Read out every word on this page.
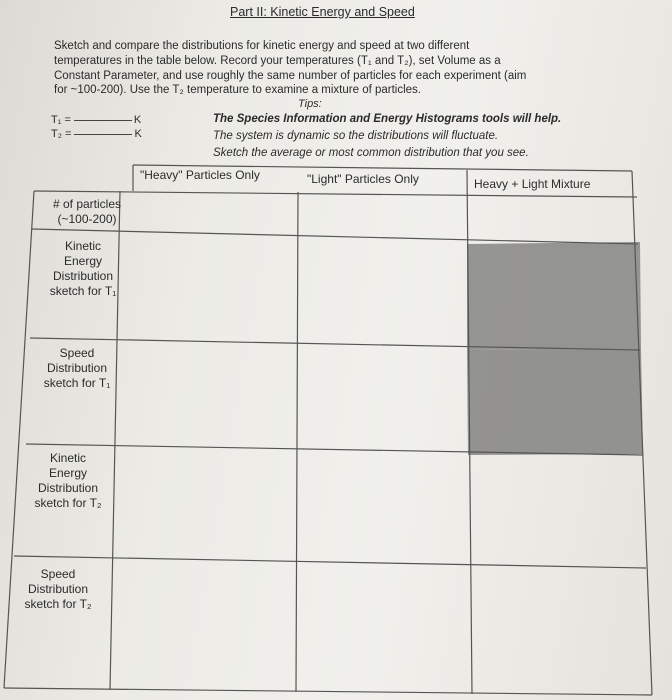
Part II: Kinetic Energy and Speed
Sketch and compare the distributions for kinetic energy and speed at two different
temperatures in the table below. Record your temperatures (T₁ and T₂), set Volume as a
Constant Parameter, and use roughly the same number of particles for each experiment (aim
for ~100-200). Use the T₂ temperature to examine a mixture of particles.
Tips:
The Species Information and Energy Histograms tools will help.
The system is dynamic so the distributions will fluctuate.
Sketch the average or most common distribution that you see.
T₁ =	K
T₂ =	K
"Heavy" Particles Only	"Light" Particles Only	Heavy + Light Mixture
# of particles
(~100-200)
Kinetic
Energy
Distribution
sketch for T₁
Speed
Distribution
sketch for T₁
Kinetic
Energy
Distribution
sketch for T₂
Speed
Distribution
sketch for T₂
